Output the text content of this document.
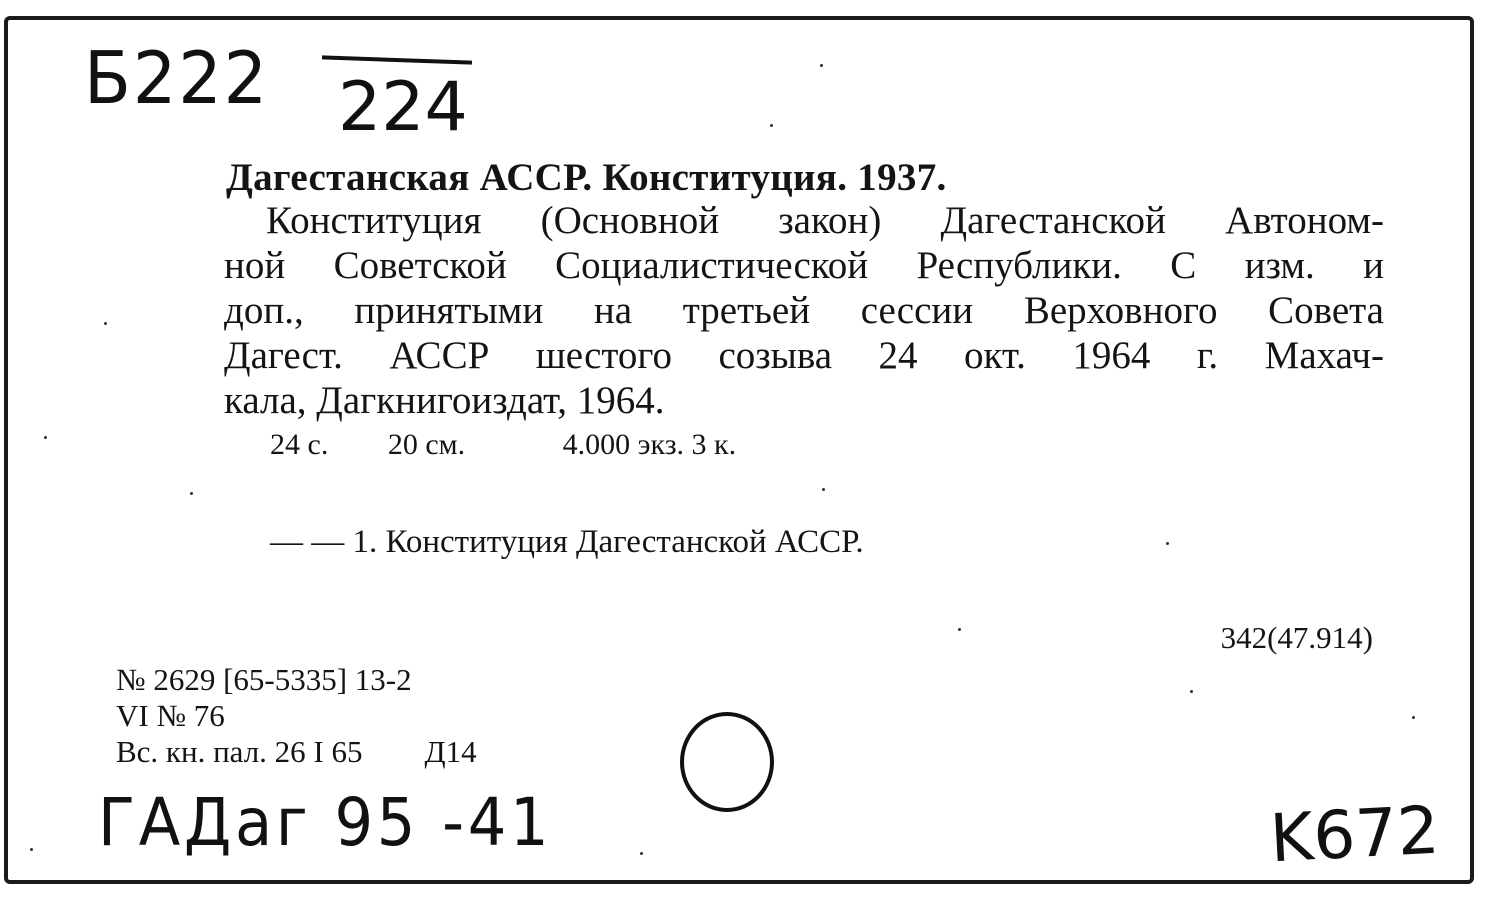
Б222 224
Дагестанская АССР. Конституция. 1937.
Конституция (Основной закон) Дагестанской Автоном-
ной Советской Социалистической Республики. С изм. и
доп., принятыми на третьей сессии Верховного Совета
Дагест. АССР шестого созыва 24 окт. 1964 г. Махач-
кала, Дагкнигоиздат, 1964.
24 с. 20 см.	4.000 экз. 3 к.
— — 1. Конституция Дагестанской АССР.
342(47.914)
№ 2629 [65-5335] 13-2
VI № 76
Вс. кн. пал. 26 I 65 Д14
ГАДаг 95 -41	K672
